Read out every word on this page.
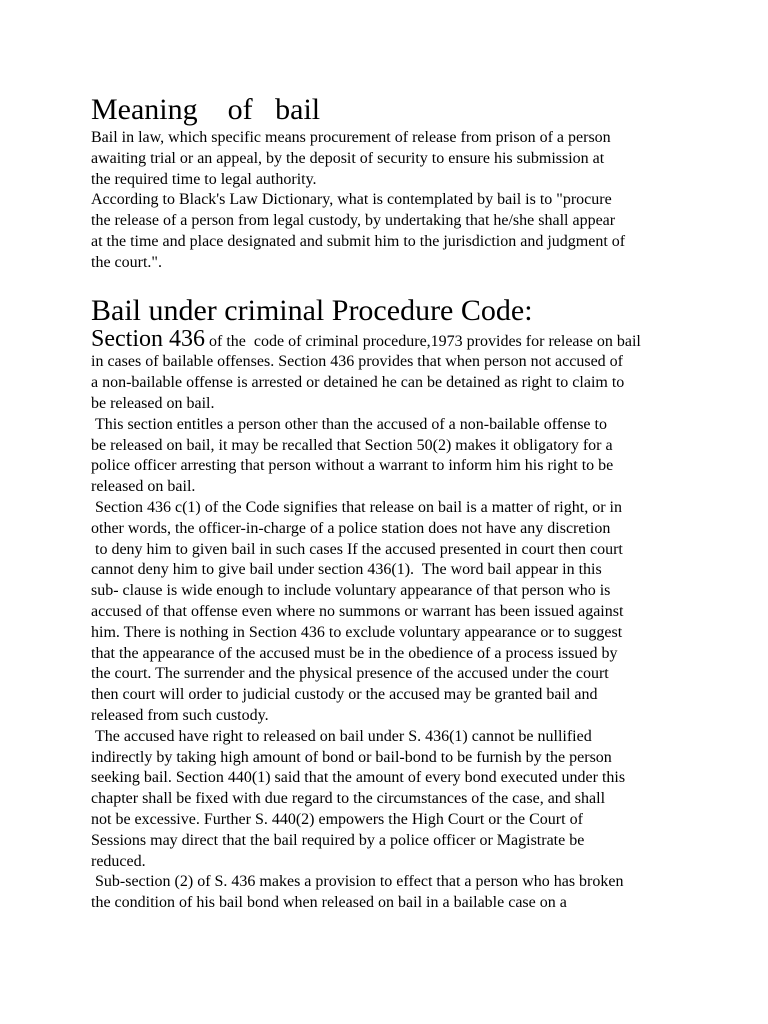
Meaning    of   bail

Bail in law, which specific means procurement of release from prison of a person
awaiting trial or an appeal, by the deposit of security to ensure his submission at
the required time to legal authority.

According to Black's Law Dictionary, what is contemplated by bail is to "procure
the release of a person from legal custody, by undertaking that he/she shall appear
at the time and place designated and submit him to the jurisdiction and judgment of
the court.".

Bail under criminal Procedure Code:

Section 436 of the  code of criminal procedure,1973 provides for release on bail
in cases of bailable offenses. Section 436 provides that when person not accused of
a non-bailable offense is arrested or detained he can be detained as right to claim to
be released on bail.

This section entitles a person other than the accused of a non-bailable offense to
be released on bail, it may be recalled that Section 50(2) makes it obligatory for a
police officer arresting that person without a warrant to inform him his right to be
released on bail.

Section 436 c(1) of the Code signifies that release on bail is a matter of right, or in
other words, the officer-in-charge of a police station does not have any discretion
to deny him to given bail in such cases If the accused presented in court then court
cannot deny him to give bail under section 436(1).  The word bail appear in this
sub- clause is wide enough to include voluntary appearance of that person who is
accused of that offense even where no summons or warrant has been issued against
him. There is nothing in Section 436 to exclude voluntary appearance or to suggest
that the appearance of the accused must be in the obedience of a process issued by
the court. The surrender and the physical presence of the accused under the court
then court will order to judicial custody or the accused may be granted bail and
released from such custody.

The accused have right to released on bail under S. 436(1) cannot be nullified
indirectly by taking high amount of bond or bail-bond to be furnish by the person
seeking bail. Section 440(1) said that the amount of every bond executed under this
chapter shall be fixed with due regard to the circumstances of the case, and shall
not be excessive. Further S. 440(2) empowers the High Court or the Court of
Sessions may direct that the bail required by a police officer or Magistrate be
reduced.

Sub-section (2) of S. 436 makes a provision to effect that a person who has broken
the condition of his bail bond when released on bail in a bailable case on a
